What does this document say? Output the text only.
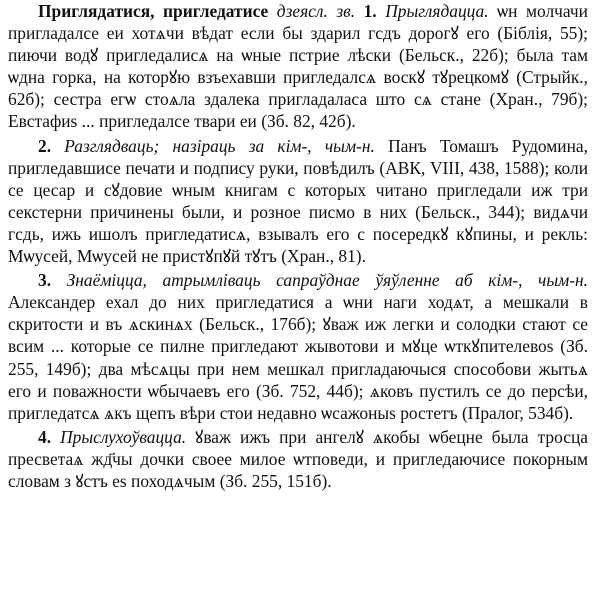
Приглядатися, пригледатисе дзеясл. зв. 1. Прыглядацца. ѡн молчачи пригладалсе еи хотѧчи вѣдат если бы здарил гсдъ дорогꙋ его (Біблія, 55); пиючи водꙋ пригледалисѧ на ѡные пстрие лѣски (Бельск., 22б); была там ѡдна горка, на которꙋю взъехавши пригледалсѧ воскꙋ тꙋрецкомꙋ (Стрыйк., 62б); сестра егѡ стоѧла здалека пригладаласа што сѧ стане (Хран., 79б); Евстафиѕ ... пригледалсе твари еи (Зб. 82, 42б).

2. Разглядваць; назіраць за кім-, чым-н. Панъ Томашъ Рудомина, пригледавшисе печати и подпису руки, повѣдилъ (АВК, VIII, 438, 1588); коли се цесар и сꙋдовие ѡным книгам с которых читано пригледали иж три секстерни причинены были, и розное писмо в них (Бельск., 344); видѧчи гсдь, ижь ишолъ пригледатисѧ, взывалъ его с посередкꙋ кꙋпины, и рекль: Мѡусей, Мѡусей не пристꙋпꙋй тꙋтъ (Хран., 81).

3. Знаёміцца, атрымліваць сапраўднае ўяўленне аб кім-, чым-н. Александер ехал до них пригледатися а ѡни наги ходѧт, а мешкали в скритости и въ ѧскинѧх (Бельск., 176б); ꙋваж иж легки и солодки стают се всим ... которые се пилне пригледают жывотови и мꙋце ѡткꙋпителевоѕ (Зб. 255, 149б); два мѣсѧцы при нем мешкал пригладаючыся способови жытьѧ его и поважности ѡбычаевъ его (Зб. 752, 44б); ѧковъ пустилъ се до персѣи, пригледатсѧ ѧкъ щепъ вѣри стои недавно ѡсажоныѕ ростетъ (Пралог, 534б).

4. Прыслухоўвацца. ꙋваж ижъ при ангелꙋ ѧкобы ѡбецне была тросца пресветаѧ жд҃чы дочки своее милое ѡтповеди, и пригледаючисе покорным словам з ꙋстъ еѕ походѧчым (Зб. 255, 151б).
